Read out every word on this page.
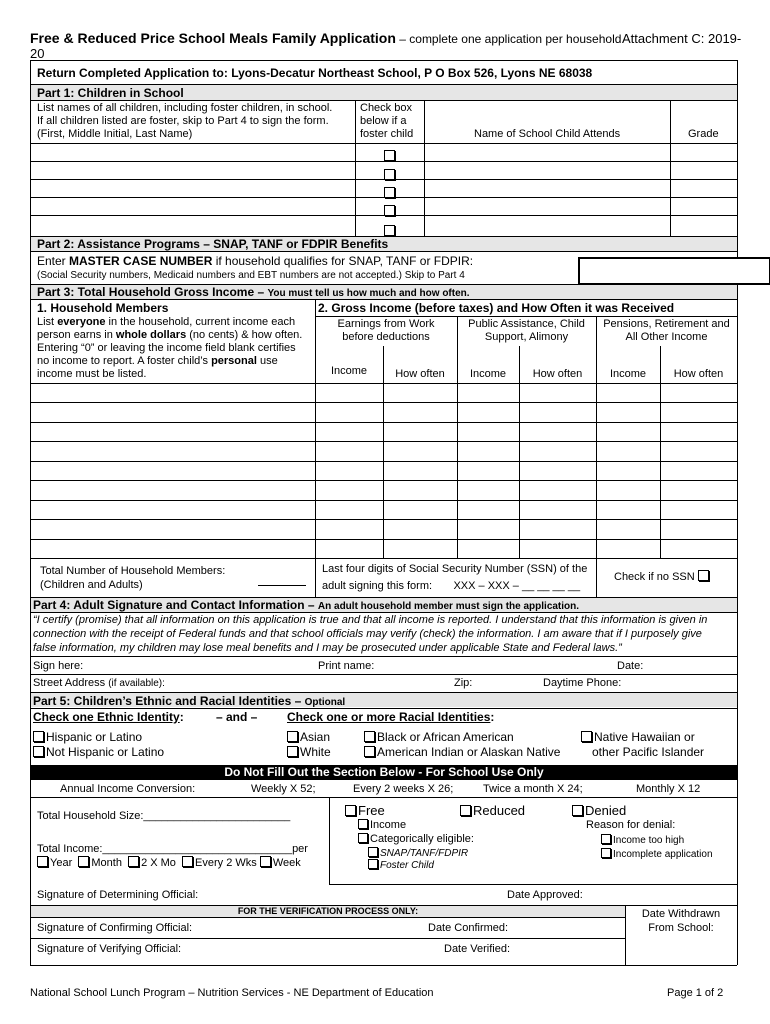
Free & Reduced Price School Meals Family Application – complete one application per household Attachment C: 2019-
20
Return Completed Application to: Lyons-Decatur Northeast School, P O Box 526, Lyons NE 68038
Part 1: Children in School
List names of all children, including foster children, in school.
If all children listed are foster, skip to Part 4 to sign the form.
(First, Middle Initial, Last Name)
Check box
below if a
foster child	Name of School Child Attends	Grade
Part 2: Assistance Programs – SNAP, TANF or FDPIR Benefits
Enter MASTER CASE NUMBER if household qualifies for SNAP, TANF or FDPIR:
(Social Security numbers, Medicaid numbers and EBT numbers are not accepted.) Skip to Part 4
Part 3: Total Household Gross Income – You must tell us how much and how often.
1. Household Members
List everyone in the household, current income each
person earns in whole dollars (no cents) & how often.
Entering “0” or leaving the income field blank certifies
no income to report. A foster child’s personal use
income must be listed.
2. Gross Income (before taxes) and How Often it was Received
Earnings from Work
before deductions
Public Assistance, Child
Support, Alimony
Pensions, Retirement and
All Other Income
Income	How often	Income	How often	Income	How often
Total Number of Household Members:
(Children and Adults)
Last four digits of Social Security Number (SSN) of the
adult signing this form: XXX – XXX – __ __ __ __
Check if no SSN
Part 4: Adult Signature and Contact Information – An adult household member must sign the application.
“I certify (promise) that all information on this application is true and that all income is reported. I understand that this information is given in
connection with the receipt of Federal funds and that school officials may verify (check) the information. I am aware that if I purposely give
false information, my children may lose meal benefits and I may be prosecuted under applicable State and Federal laws.”
Sign here:	Print name:	Date:
Street Address (if available):	Zip:	Daytime Phone:
Part 5: Children’s Ethnic and Racial Identities – Optional
Check one Ethnic Identity:	– and – Check one or more Racial Identities:
Hispanic or Latino
Not Hispanic or Latino
Asian
White
Black or African American
American Indian or Alaskan Native
Native Hawaiian or
other Pacific Islander
Do Not Fill Out the Section Below - For School Use Only
Annual Income Conversion:	Weekly X 52;	Every 2 weeks X 26;	Twice a month X 24;	Monthly X 12
Total Household Size:________________________
Total Income:_______________________________per
Year Month 2 X Mo Every 2 Wks Week
Free	Reduced	Denied
Income
Categorically eligible:
SNAP/TANF/FDPIR
Foster Child
Reason for denial:
Income too high
Incomplete application
Signature of Determining Official:	Date Approved:
FOR THE VERIFICATION PROCESS ONLY:
Signature of Confirming Official:	Date Confirmed:
Signature of Verifying Official:	Date Verified:
Date Withdrawn
From School:
National School Lunch Program – Nutrition Services - NE Department of Education	Page 1 of 2
